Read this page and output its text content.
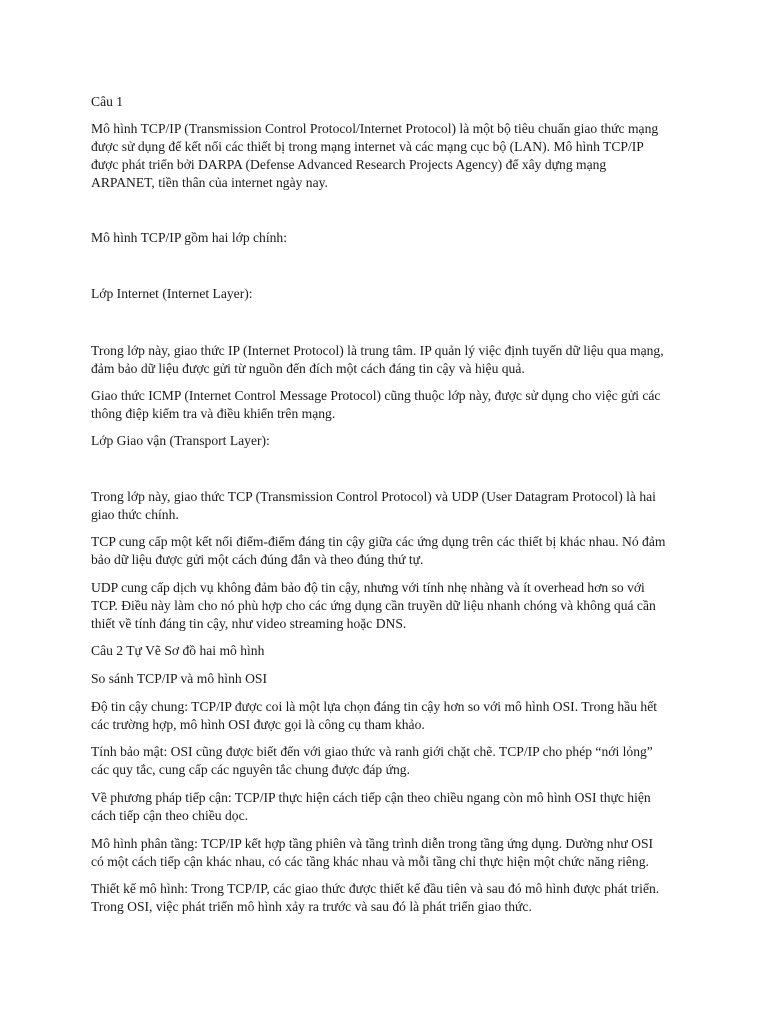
Câu 1

Mô hình TCP/IP (Transmission Control Protocol/Internet Protocol) là một bộ tiêu chuẩn giao thức mạng
được sử dụng để kết nối các thiết bị trong mạng internet và các mạng cục bộ (LAN). Mô hình TCP/IP
được phát triển bởi DARPA (Defense Advanced Research Projects Agency) để xây dựng mạng
ARPANET, tiền thân của internet ngày nay.

Mô hình TCP/IP gồm hai lớp chính:

Lớp Internet (Internet Layer):

Trong lớp này, giao thức IP (Internet Protocol) là trung tâm. IP quản lý việc định tuyến dữ liệu qua mạng,
đảm bảo dữ liệu được gửi từ nguồn đến đích một cách đáng tin cậy và hiệu quả.

Giao thức ICMP (Internet Control Message Protocol) cũng thuộc lớp này, được sử dụng cho việc gửi các
thông điệp kiểm tra và điều khiển trên mạng.

Lớp Giao vận (Transport Layer):

Trong lớp này, giao thức TCP (Transmission Control Protocol) và UDP (User Datagram Protocol) là hai
giao thức chính.

TCP cung cấp một kết nối điểm-điểm đáng tin cậy giữa các ứng dụng trên các thiết bị khác nhau. Nó đảm
bảo dữ liệu được gửi một cách đúng đắn và theo đúng thứ tự.

UDP cung cấp dịch vụ không đảm bảo độ tin cậy, nhưng với tính nhẹ nhàng và ít overhead hơn so với
TCP. Điều này làm cho nó phù hợp cho các ứng dụng cần truyền dữ liệu nhanh chóng và không quá cần
thiết về tính đáng tin cậy, như video streaming hoặc DNS.

Câu 2 Tự Vẽ Sơ đồ hai mô hình

So sánh TCP/IP và mô hình OSI

Độ tin cậy chung: TCP/IP được coi là một lựa chọn đáng tin cậy hơn so với mô hình OSI. Trong hầu hết
các trường hợp, mô hình OSI được gọi là công cụ tham khảo.

Tính bảo mật: OSI cũng được biết đến với giao thức và ranh giới chặt chẽ. TCP/IP cho phép “nới lỏng”
các quy tắc, cung cấp các nguyên tắc chung được đáp ứng.

Về phương pháp tiếp cận: TCP/IP thực hiện cách tiếp cận theo chiều ngang còn mô hình OSI thực hiện
cách tiếp cận theo chiều dọc.

Mô hình phân tầng: TCP/IP kết hợp tầng phiên và tầng trình diễn trong tầng ứng dụng. Dường như OSI
có một cách tiếp cận khác nhau, có các tầng khác nhau và mỗi tầng chỉ thực hiện một chức năng riêng.

Thiết kế mô hình: Trong TCP/IP, các giao thức được thiết kế đầu tiên và sau đó mô hình được phát triển.
Trong OSI, việc phát triển mô hình xảy ra trước và sau đó là phát triển giao thức.
